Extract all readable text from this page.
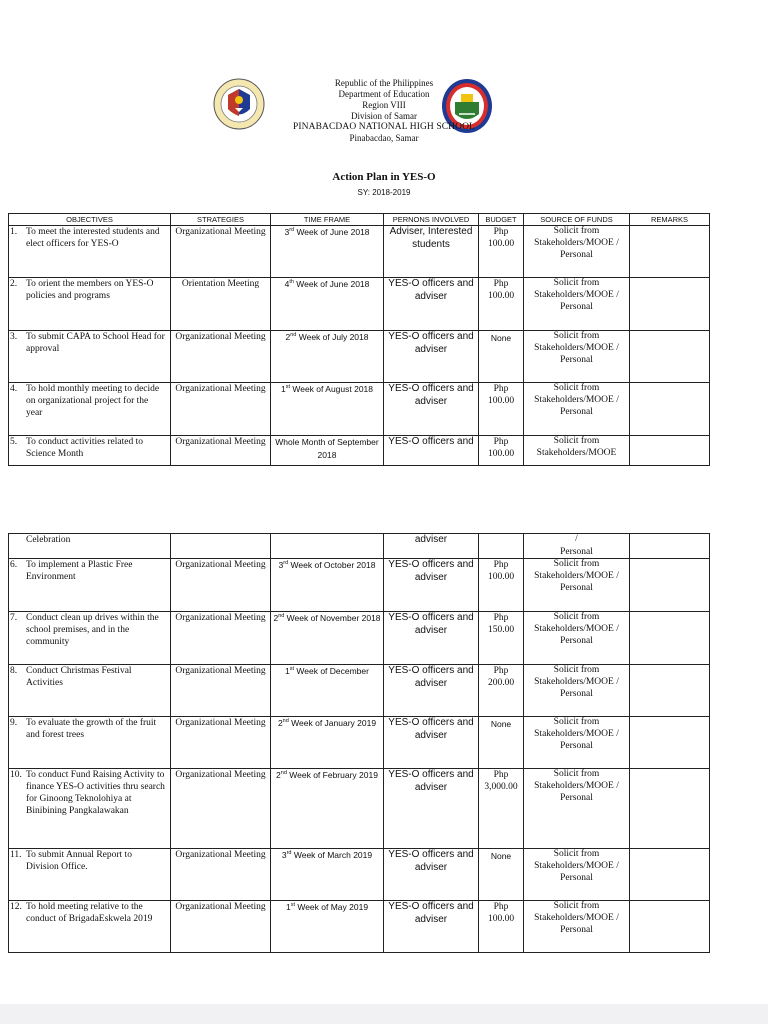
Republic of the Philippines
Department of Education
Region VIII
Division of Samar
PINABACDAO NATIONAL HIGH SCHOOL
Pinabacdao, Samar
Action Plan in YES-O
SY: 2018-2019
OBJECTIVES	STRATEGIES	TIME FRAME	PERNONS INVOLVED	BUDGET	SOURCE OF FUNDS	REMARKS
1. To meet the interested students and elect officers for YES-O	Organizational Meeting	3rd Week of June 2018	Adviser, Interested students	Php 100.00	Solicit from Stakeholders/MOOE /
Personal	

2. To orient the members on YES-O policies and programs	Orientation Meeting	4th Week of June 2018	YES-O officers and adviser	Php 100.00	Solicit from Stakeholders/MOOE /
Personal	

3. To submit CAPA to School Head for approval	Organizational Meeting	2nd Week of July 2018	YES-O officers and adviser	None	Solicit from Stakeholders/MOOE /
Personal	

4. To hold monthly meeting to decide on organizational project for the year	Organizational Meeting	1st Week of August 2018	YES-O officers and adviser	Php 100.00	Solicit from Stakeholders/MOOE /
Personal	

5. To conduct activities related to Science Month	Organizational Meeting	Whole Month of September 2018	YES-O officers and	Php 100.00	Solicit from Stakeholders/MOOE	

Celebration			adviser		/
Personal	

6. To implement a Plastic Free Environment	Organizational Meeting	3rd Week of October 2018	YES-O officers and adviser	Php 100.00	Solicit from Stakeholders/MOOE /
Personal	

7. Conduct clean up drives within the school premises, and in the community	Organizational Meeting	2nd Week of November 2018	YES-O officers and adviser	Php 150.00	Solicit from Stakeholders/MOOE /
Personal	

8. Conduct Christmas Festival Activities	Organizational Meeting	1st Week of December	YES-O officers and adviser	Php 200.00	Solicit from Stakeholders/MOOE /
Personal	

9. To evaluate the growth of the fruit and forest trees	Organizational Meeting	2nd Week of January 2019	YES-O officers and adviser	None	Solicit from Stakeholders/MOOE /
Personal	

10. To conduct Fund Raising Activity to finance YES-O activities thru search for Ginoong Teknolohiya at Binibining Pangkalawakan	Organizational Meeting	2nd Week of February 2019	YES-O officers and adviser	Php 3,000.00	Solicit from Stakeholders/MOOE /
Personal	

11. To submit Annual Report to Division Office.	Organizational Meeting	3rd Week of March 2019	YES-O officers and adviser	None	Solicit from Stakeholders/MOOE /
Personal	

12. To hold meeting relative to the conduct of BrigadaEskwela 2019	Organizational Meeting	1st Week of May 2019	YES-O officers and adviser	Php 100.00	Solicit from Stakeholders/MOOE /
Personal	
